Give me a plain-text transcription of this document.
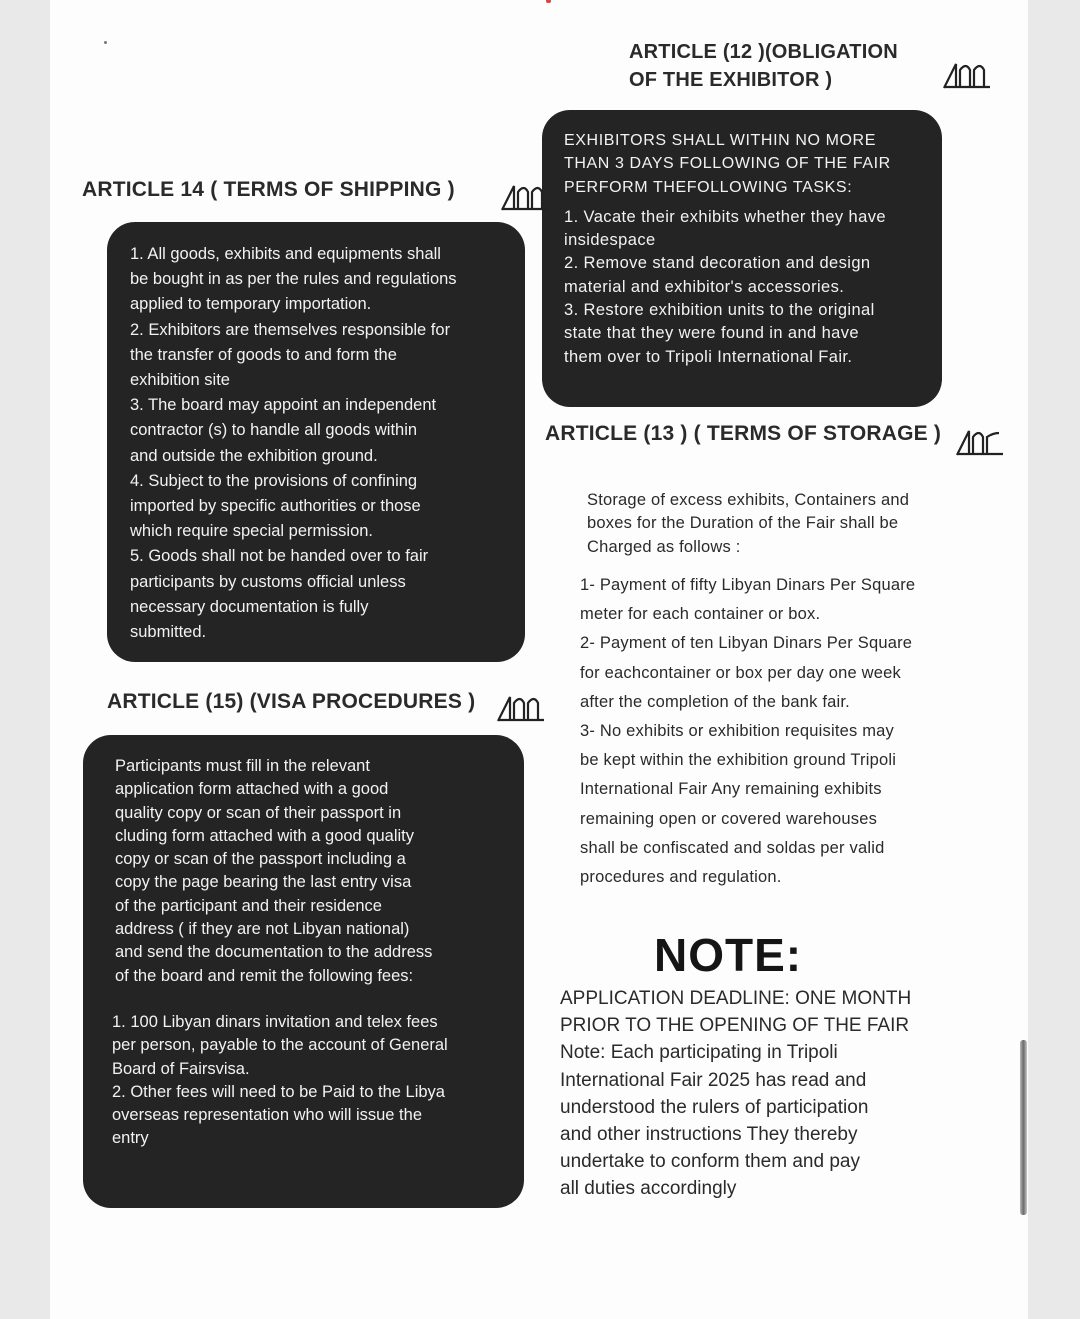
ARTICLE (12 )(OBLIGATION
OF THE EXHIBITOR )
EXHIBITORS SHALL WITHIN NO MORE
THAN 3 DAYS FOLLOWING OF THE FAIR
PERFORM THEFOLLOWING TASKS:
1. Vacate their exhibits whether they have
insidespace
2. Remove stand decoration and design
material and exhibitor's accessories.
3. Restore exhibition units to the original
state that they were found in and have
them over to Tripoli International Fair.
ARTICLE 14 ( TERMS OF SHIPPING )
1. All goods, exhibits and equipments shall
be bought in as per the rules and regulations
applied to temporary importation.
2. Exhibitors are themselves responsible for
the transfer of goods to and form the
exhibition site
3. The board may appoint an independent
contractor (s) to handle all goods within
and outside the exhibition ground.
4. Subject to the provisions of confining
imported by specific authorities or those
which require special permission.
5. Goods shall not be handed over to fair
participants by customs official unless
necessary documentation is fully
submitted.
ARTICLE (13 ) ( TERMS OF STORAGE )
Storage of excess exhibits, Containers and
boxes for the Duration of the Fair shall be
Charged as follows :
1- Payment of fifty Libyan Dinars Per Square
meter for each container or box.
2- Payment of ten Libyan Dinars Per Square
for eachcontainer or box per day one week
after the completion of the bank fair.
3- No exhibits or exhibition requisites may
be kept within the exhibition ground Tripoli
International Fair Any remaining exhibits
remaining open or covered warehouses
shall be confiscated and soldas per valid
procedures and regulation.
ARTICLE (15) (VISA PROCEDURES )
Participants must fill in the relevant
application form attached with a good
quality copy or scan of their passport in
cluding form attached with a good quality
copy or scan of the passport including a
copy the page bearing the last entry visa
of the participant and their residence
address ( if they are not Libyan national)
and send the documentation to the address
of the board and remit the following fees:
1. 100 Libyan dinars invitation and telex fees
per person, payable to the account of General
Board of Fairsvisa.
2. Other fees will need to be Paid to the Libya
overseas representation who will issue the
entry
NOTE:
APPLICATION DEADLINE: ONE MONTH
PRIOR TO THE OPENING OF THE FAIR
Note: Each participating in Tripoli
International Fair 2025 has read and
understood the rulers of participation
and other instructions They thereby
undertake to conform them and pay
all duties accordingly
